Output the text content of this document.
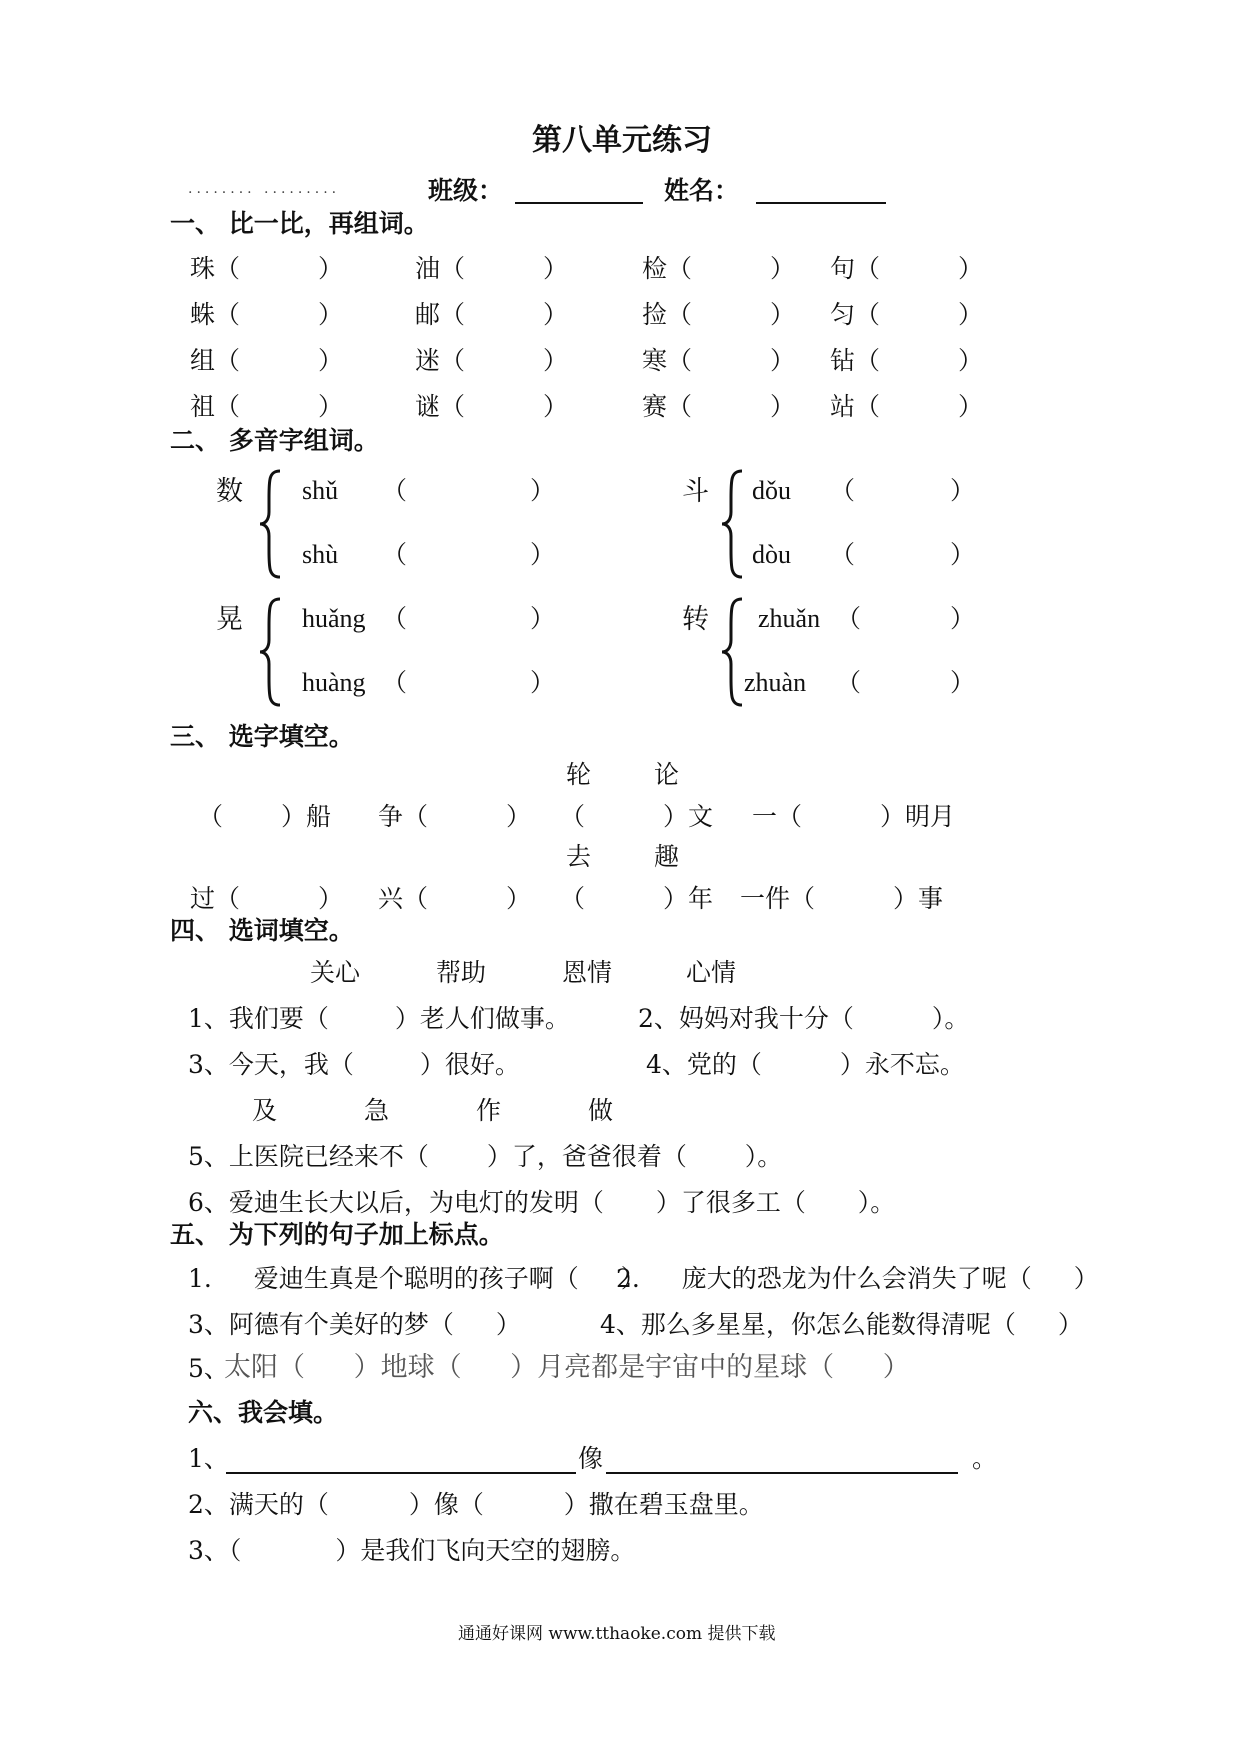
第八单元练习
........ .........	班级：	姓名：
一、 比一比，再组词。
珠（ ）	油（ ）	检（ ） 句（ ）
蛛（ ）	邮（ ）	捡（ ） 匀（ ）
组（ ）	迷（ ）	寒（ ） 钻（ ）
祖（ ）	谜（ ）	赛（ ） 站（ ）
二、 多音字组词。
数 shǔ （	）
shù （	）
斗 dǒu （	）
dòu （	）
晃 huǎng （	）
huàng （	）
转 zhuǎn （	）
zhuàn （	）
三、 选字填空。
轮	论
（ ）船 争（ ） （ ）文 一（ ）明月
去	趣
过（ ） 兴（ ） （ ）年 一件（ ）事
四、 选词填空。
关心	帮助	恩情	心情
1、我们要（ ）老人们做事。	2、妈妈对我十分（ ）。
3、今天，我（ ）很好。	4、党的（ ）永不忘。
及	急	作	做
5、上医院已经来不（ ）了，爸爸很着（ ）。
6、爱迪生长大以后，为电灯的发明（ ）了很多工（ ）。
五、 为下列的句子加上标点。
1. 爱迪生真是个聪明的孩子啊（ ）
2. 庞大的恐龙为什么会消失了呢（ ）
3、阿德有个美好的梦（ ）	4、那么多星星，你怎么能数得清呢（ ）
5、
太阳（ ）地球（ ）月亮都是宇宙中的星球（ ）
六、我会填。
1、	像	。
2、满天的（ ）像（ ）撒在碧玉盘里。
3、（ ）是我们飞向天空的翅膀。
通通好课网 www.tthaoke.com 提供下载
